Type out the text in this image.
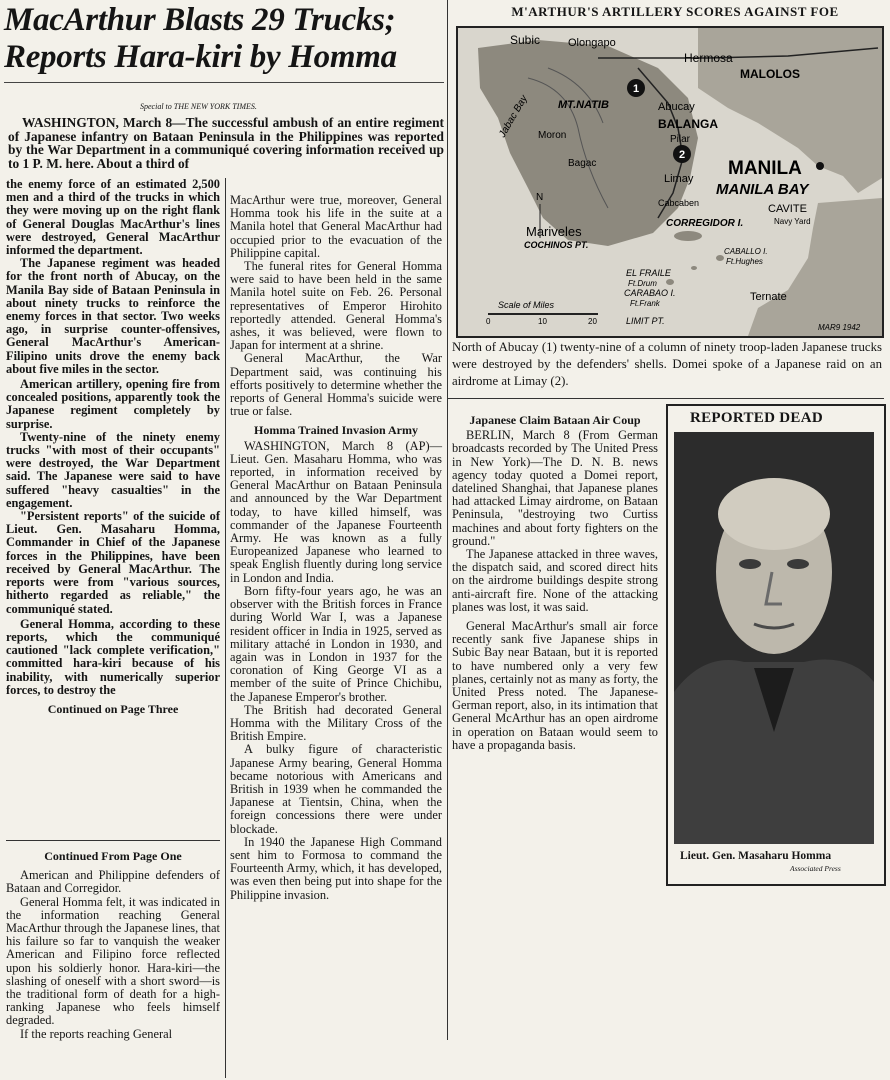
MacArthur Blasts 29 Trucks;
Reports Hara-kiri by Homma
Special to THE NEW YORK TIMES.

WASHINGTON, March 8—The successful ambush of an entire regiment of Japanese infantry on Bataan Peninsula in the Philippines was reported by the War Department in a communiqué covering information received up to 1 P. M. here. About a third of

the enemy force of an estimated 2,500 men and a third of the trucks in which they were moving up on the right flank of General Douglas MacArthur's lines were destroyed, General MacArthur informed the department.

The Japanese regiment was headed for the front north of Abucay, on the Manila Bay side of Bataan Peninsula in about ninety trucks to reinforce the enemy forces in that sector. Two weeks ago, in surprise counter-offensives, General MacArthur's American-Filipino units drove the enemy back about five miles in the sector.

American artillery, opening fire from concealed positions, apparently took the Japanese regiment completely by surprise.

Twenty-nine of the ninety enemy trucks "with most of their occupants" were destroyed, the War Department said. The Japanese were said to have suffered "heavy casualties" in the engagement.

"Persistent reports" of the suicide of Lieut. Gen. Masaharu Homma, Commander in Chief of the Japanese forces in the Philippines, have been received by General MacArthur. The reports were from "various sources, hitherto regarded as reliable," the communiqué stated.

General Homma, according to these reports, which the communiqué cautioned "lack complete verification," committed hara-kiri because of his inability, with numerically superior forces, to destroy the

Continued on Page Three
Continued From Page One

American and Philippine defenders of Bataan and Corregidor.

General Homma felt, it was indicated in the information reaching General MacArthur through the Japanese lines, that his failure so far to vanquish the weaker American and Filipino force reflected upon his soldierly honor. Hara-kiri—the slashing of oneself with a short sword—is the traditional form of death for a high-ranking Japanese who feels himself degraded.

If the reports reaching General

MacArthur were true, moreover, General Homma took his life in the suite at a Manila hotel that General MacArthur had occupied prior to the evacuation of the Philippine capital.

The funeral rites for General Homma were said to have been held in the same Manila hotel suite on Feb. 26. Personal representatives of Emperor Hirohito reportedly attended. General Homma's ashes, it was believed, were flown to Japan for interment at a shrine.

General MacArthur, the War Department said, was continuing his efforts positively to determine whether the reports of General Homma's suicide were true or false.

Homma Trained Invasion Army

WASHINGTON, March 8 (AP)—Lieut. Gen. Masaharu Homma, who was reported, in information received by General MacArthur on Bataan Peninsula and announced by the War Department today, to have killed himself, was commander of the Japanese Fourteenth Army. He was known as a fully Europeanized Japanese who learned to speak English fluently during long service in London and India.

Born fifty-four years ago, he was an observer with the British forces in France during World War I, was a Japanese resident officer in India in 1925, served as military attaché in London in 1930, and again was in London in 1937 for the coronation of King George VI as a member of the suite of Prince Chichibu, the Japanese Emperor's brother.

The British had decorated General Homma with the Military Cross of the British Empire.

A bulky figure of characteristic Japanese Army bearing, General Homma became notorious with Americans and British in 1939 when he commanded the Japanese at Tientsin, China, when the foreign concessions there were under blockade.

In 1940 the Japanese High Command sent him to Formosa to command the Fourteenth Army, which, it has developed, was even then being put into shape for the Philippine invasion.

M'ARTHUR'S ARTILLERY SCORES AGAINST FOE
1
2
Subic	Olongapo
Hermosa
MALOLOS
MT.NATIB
Jabac Bay	Abucay
BALANGA
Pilar
Moron
Bagac
Limay MANILA
MANILA BAY
CAVITE
Navy Yard
Cabcaben
Mariveles
COCHINOS PT.
CORREGIDOR I.
CABALLO I.
Ft.Hughes
EL FRAILE
Ft.Drum
CARABAO I.
Ft.Frank
LIMIT PT.
Ternate
N
Scale of Miles
0	10	20
MAR9 1942
North of Abucay (1) twenty-nine of a column of ninety troop-laden Japanese trucks were destroyed by the defenders' shells. Domei spoke of a Japanese raid on an airdrome at Limay (2).
Japanese Claim Bataan Air Coup

BERLIN, March 8 (From German broadcasts recorded by The United Press in New York)—The D. N. B. news agency today quoted a Domei report, datelined Shanghai, that Japanese planes had attacked Limay airdrome, on Bataan Peninsula, "destroying two Curtiss machines and about forty fighters on the ground."

The Japanese attacked in three waves, the dispatch said, and scored direct hits on the airdrome buildings despite strong anti-aircraft fire. None of the attacking planes was lost, it was said.

General MacArthur's small air force recently sank five Japanese ships in Subic Bay near Bataan, but it is reported to have numbered only a very few planes, certainly not as many as forty, the United Press noted. The Japanese-German report, also, in its intimation that General McArthur has an open airdrome in operation on Bataan would seem to have a propaganda basis.

REPORTED DEAD
Lieut. Gen. Masaharu Homma
Associated Press
